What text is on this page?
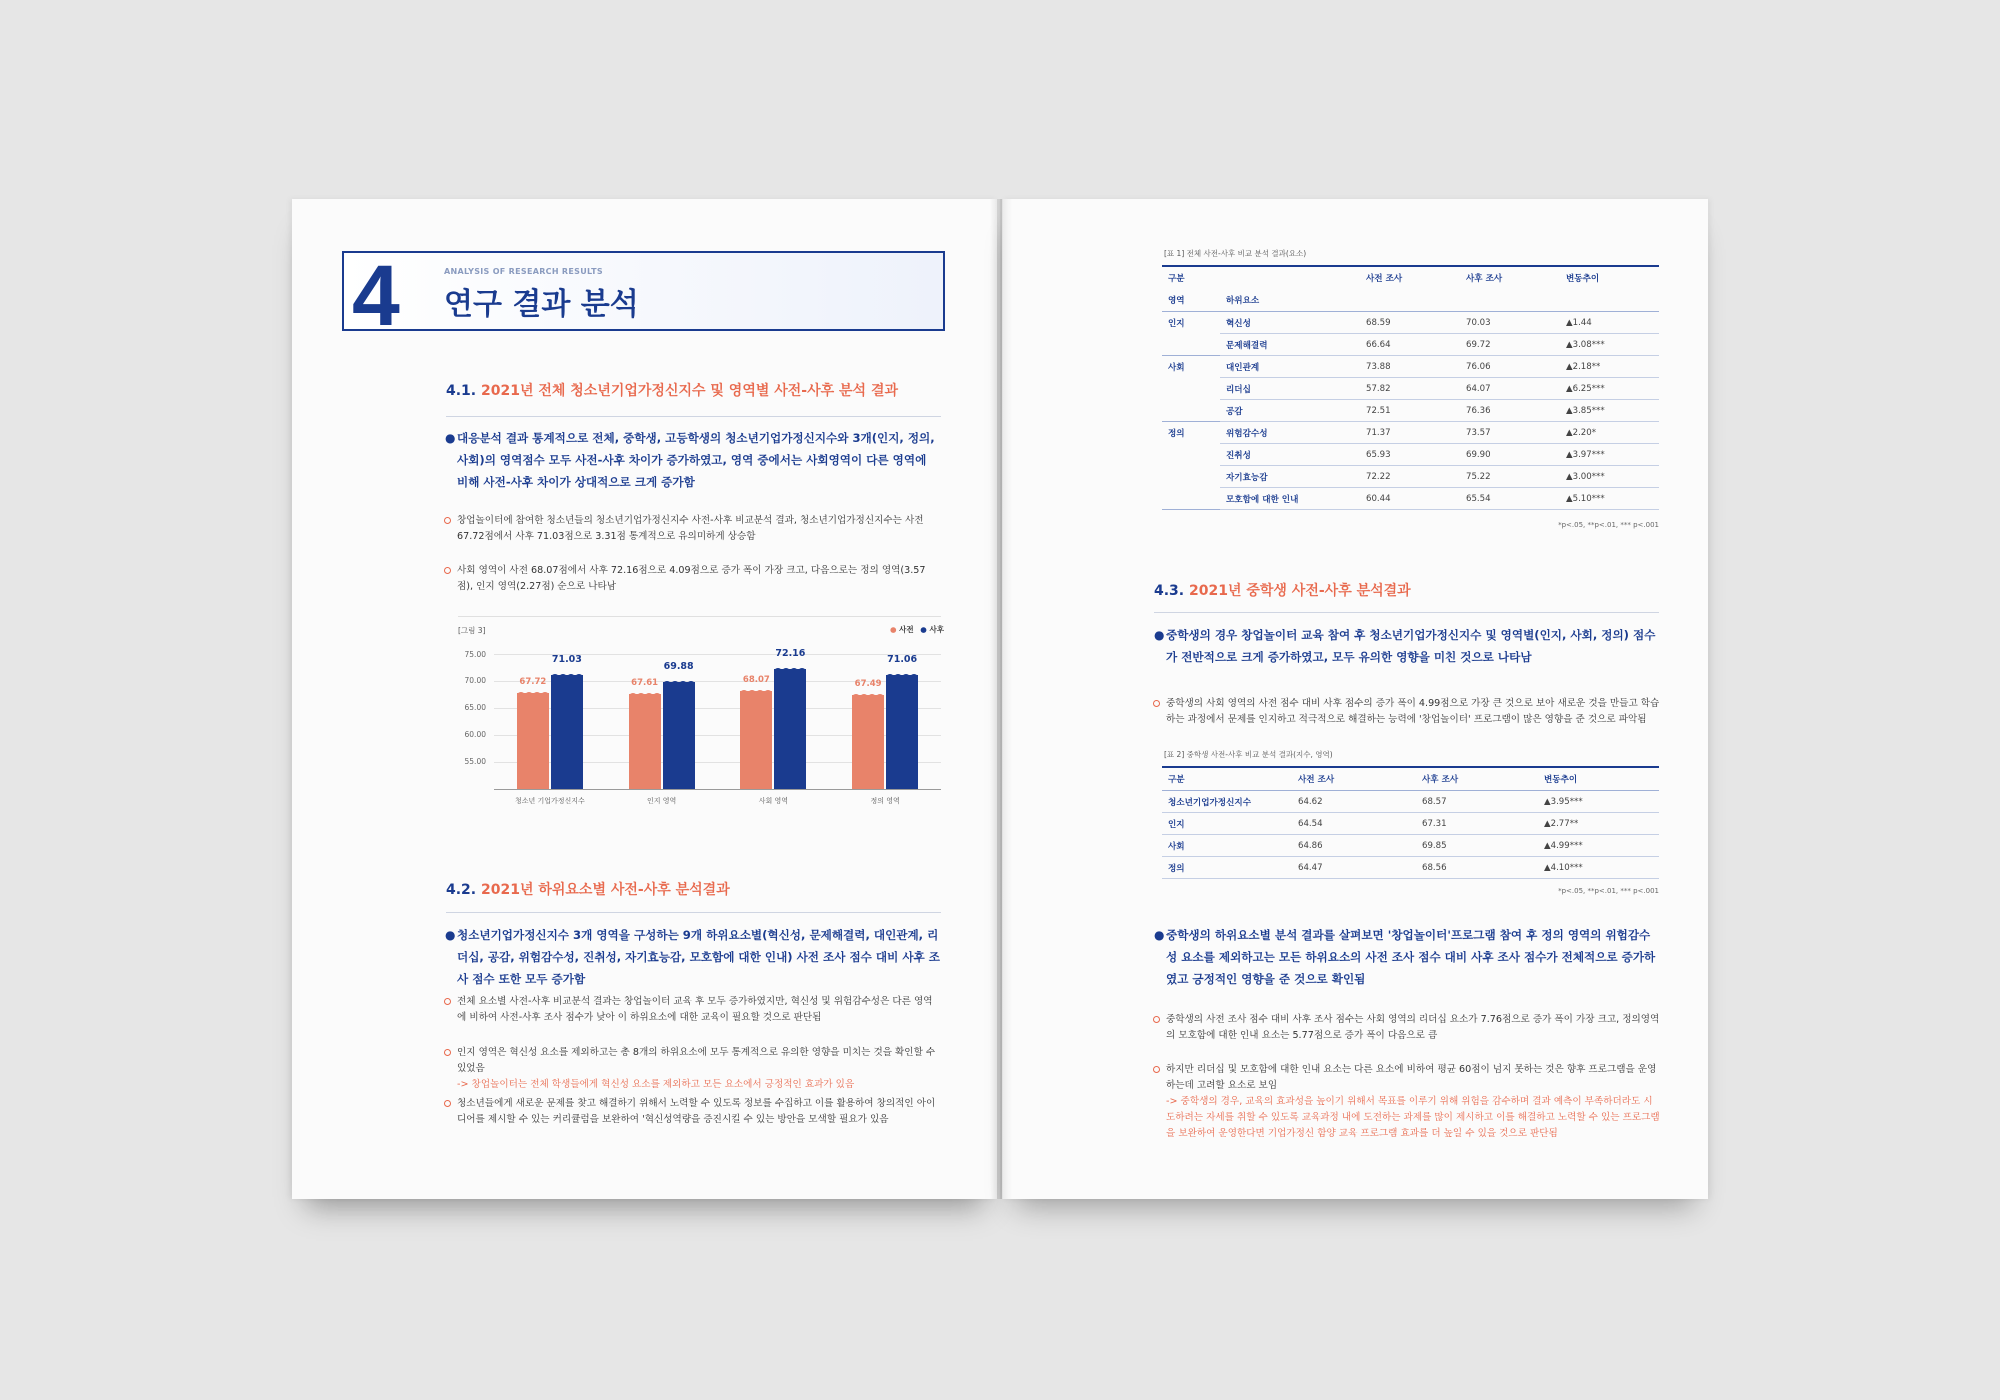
4	ANALYSIS OF RESEARCH RESULTS
연구 결과 분석
4.1. 2021년 전체 청소년기업가정신지수 및 영역별 사전-사후 분석 결과
● 대응분석 결과 통계적으로 전체, 중학생, 고등학생의 청소년기업가정신지수와 3개(인지, 정의, 사회)의 영역점수 모두 사전-사후 차이가 증가하였고, 영역 중에서는 사회영역이 다른 영역에 비해 사전-사후 차이가 상대적으로 크게 증가함
창업놀이터에 참여한 청소년들의 청소년기업가정신지수 사전-사후 비교분석 결과, 청소년기업가정신지수는 사전 67.72점에서 사후 71.03점으로 3.31점 통계적으로 유의미하게 상승함
사회 영역이 사전 68.07점에서 사후 72.16점으로 4.09점으로 증가 폭이 가장 크고, 다음으로는 정의 영역(3.57점), 인지 영역(2.27점) 순으로 나타남
[그림 3]	● 사전 ● 사후
75.00
70.00
65.00
60.00
55.00
67.72
71.03
67.61
69.88
68.07
72.16
67.49
71.06
청소년 기업가정신지수	인지 영역	사회 영역	정의 영역
4.2. 2021년 하위요소별 사전-사후 분석결과
● 청소년기업가정신지수 3개 영역을 구성하는 9개 하위요소별(혁신성, 문제해결력, 대인관계, 리더십, 공감, 위험감수성, 진취성, 자기효능감, 모호함에 대한 인내) 사전 조사 점수 대비 사후 조사 점수 또한 모두 증가함
전체 요소별 사전-사후 비교분석 결과는 창업놀이터 교육 후 모두 증가하였지만, 혁신성 및 위험감수성은 다른 영역에 비하여 사전-사후 조사 점수가 낮아 이 하위요소에 대한 교육이 필요할 것으로 판단됨
인지 영역은 혁신성 요소를 제외하고는 총 8개의 하위요소에 모두 통계적으로 유의한 영향을 미치는 것을 확인할 수 있었음
-> 창업놀이터는 전체 학생들에게 혁신성 요소를 제외하고 모든 요소에서 긍정적인 효과가 있음
청소년들에게 새로운 문제를 찾고 해결하기 위해서 노력할 수 있도록 정보를 수집하고 이를 활용하여 창의적인 아이디어를 제시할 수 있는 커리큘럼을 보완하여 '혁신성역량을 증진시킬 수 있는 방안을 모색할 필요가 있음
[표 1] 전체 사전-사후 비교 분석 결과(요소)
구분		사전 조사	사후 조사	변동추이
영역	하위요소			
인지	혁신성	68.59	70.03	▲1.44
	문제해결력	66.64	69.72	▲3.08***
사회	대인관계	73.88	76.06	▲2.18**
	리더십	57.82	64.07	▲6.25***
	공감	72.51	76.36	▲3.85***
정의	위험감수성	71.37	73.57	▲2.20*
	진취성	65.93	69.90	▲3.97***
	자기효능감	72.22	75.22	▲3.00***
	모호함에 대한 인내	60.44	65.54	▲5.10***
*p<.05, **p<.01, *** p<.001
4.3. 2021년 중학생 사전-사후 분석결과
● 중학생의 경우 창업놀이터 교육 참여 후 청소년기업가정신지수 및 영역별(인지, 사회, 정의) 점수가 전반적으로 크게 증가하였고, 모두 유의한 영향을 미친 것으로 나타남
중학생의 사회 영역의 사전 점수 대비 사후 점수의 증가 폭이 4.99점으로 가장 큰 것으로 보아 새로운 것을 만들고 학습하는 과정에서 문제를 인지하고 적극적으로 해결하는 능력에 '창업놀이터' 프로그램이 많은 영향을 준 것으로 파악됨
[표 2] 중학생 사전-사후 비교 분석 결과(지수, 영역)
구분	사전 조사	사후 조사	변동추이
청소년기업가정신지수	64.62	68.57	▲3.95***
인지	64.54	67.31	▲2.77**
사회	64.86	69.85	▲4.99***
정의	64.47	68.56	▲4.10***
*p<.05, **p<.01, *** p<.001
● 중학생의 하위요소별 분석 결과를 살펴보면 '창업놀이터'프로그램 참여 후 정의 영역의 위험감수성 요소를 제외하고는 모든 하위요소의 사전 조사 점수 대비 사후 조사 점수가 전체적으로 증가하였고 긍정적인 영향을 준 것으로 확인됨
중학생의 사전 조사 점수 대비 사후 조사 점수는 사회 영역의 리더십 요소가 7.76점으로 증가 폭이 가장 크고, 정의영역의 모호함에 대한 인내 요소는 5.77점으로 증가 폭이 다음으로 큼
하지만 리더십 및 모호함에 대한 인내 요소는 다른 요소에 비하여 평균 60점이 넘지 못하는 것은 향후 프로그램을 운영하는데 고려할 요소로 보임
-> 중학생의 경우, 교육의 효과성을 높이기 위해서 목표를 이루기 위해 위험을 감수하며 결과 예측이 부족하더라도 시도하려는 자세를 취할 수 있도록 교육과정 내에 도전하는 과제를 많이 제시하고 이를 해결하고 노력할 수 있는 프로그램을 보완하여 운영한다면 기업가정신 함양 교육 프로그램 효과를 더 높일 수 있을 것으로 판단됨
